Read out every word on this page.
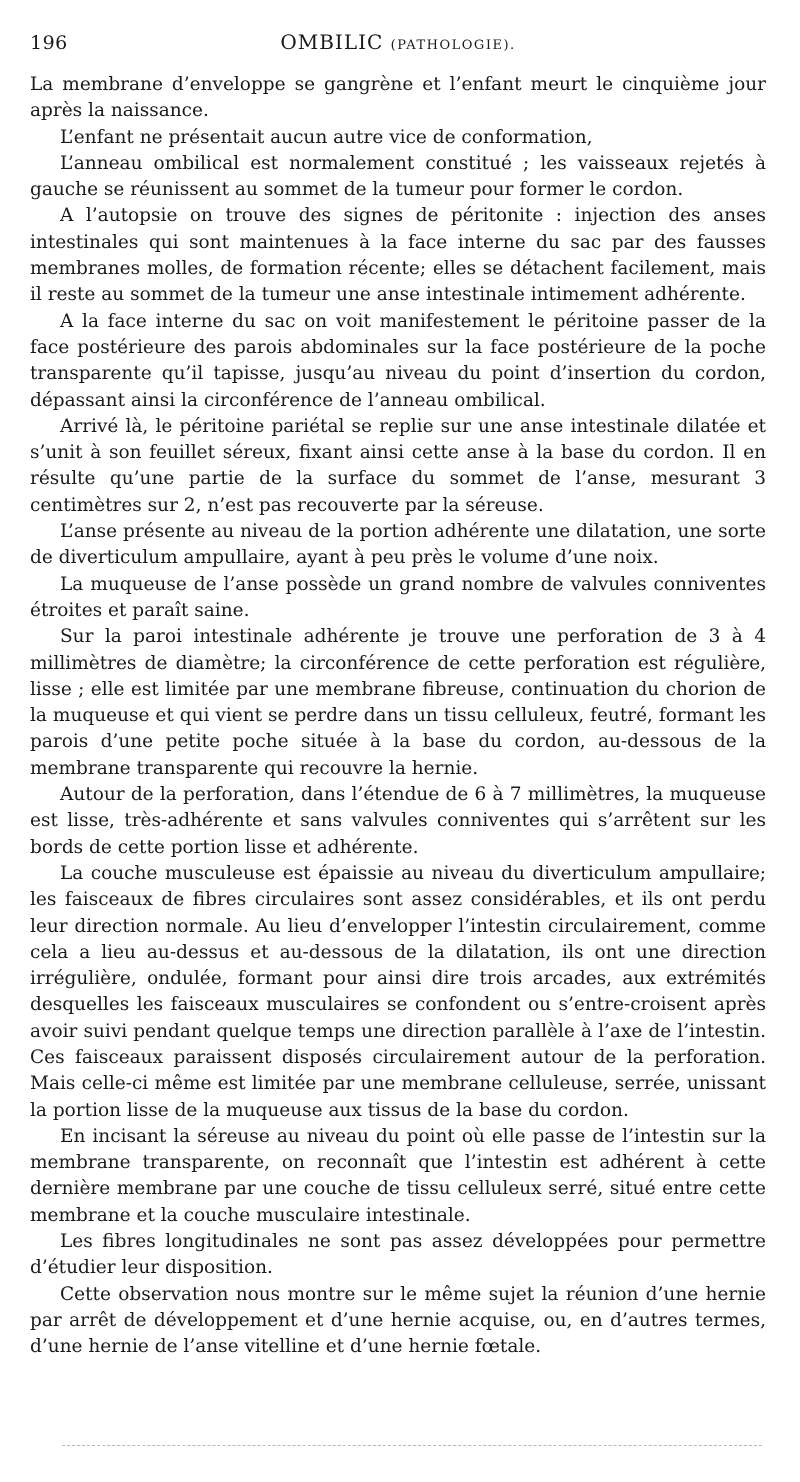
196	OMBILIC (PATHOLOGIE).

La membrane d’enveloppe se gangrène et l’enfant meurt le cinquième jour après la naissance.

L’enfant ne présentait aucun autre vice de conformation,

L’anneau ombilical est normalement constitué ; les vaisseaux rejetés à gauche se réunissent au sommet de la tumeur pour former le cordon.

A l’autopsie on trouve des signes de péritonite : injection des anses intestinales qui sont maintenues à la face interne du sac par des fausses membranes molles, de formation récente; elles se détachent facilement, mais il reste au sommet de la tumeur une anse intestinale intimement adhérente.

A la face interne du sac on voit manifestement le péritoine passer de la face postérieure des parois abdominales sur la face postérieure de la poche transparente qu’il tapisse, jusqu’au niveau du point d’insertion du cordon, dépassant ainsi la circonférence de l’anneau ombilical.

Arrivé là, le péritoine pariétal se replie sur une anse intestinale dilatée et s’unit à son feuillet séreux, fixant ainsi cette anse à la base du cordon. Il en résulte qu’une partie de la surface du sommet de l’anse, mesurant 3 centimètres sur 2, n’est pas recouverte par la séreuse.

L’anse présente au niveau de la portion adhérente une dilatation, une sorte de diverticulum ampullaire, ayant à peu près le volume d’une noix.

La muqueuse de l’anse possède un grand nombre de valvules conniventes étroites et paraît saine.

Sur la paroi intestinale adhérente je trouve une perforation de 3 à 4 millimètres de diamètre; la circonférence de cette perforation est régulière, lisse ; elle est limitée par une membrane fibreuse, continuation du chorion de la muqueuse et qui vient se perdre dans un tissu celluleux, feutré, formant les parois d’une petite poche située à la base du cordon, au-dessous de la membrane transparente qui recouvre la hernie.

Autour de la perforation, dans l’étendue de 6 à 7 millimètres, la muqueuse est lisse, très-adhérente et sans valvules conniventes qui s’arrêtent sur les bords de cette portion lisse et adhérente.

La couche musculeuse est épaissie au niveau du diverticulum ampullaire; les faisceaux de fibres circulaires sont assez considérables, et ils ont perdu leur direction normale. Au lieu d’envelopper l’intestin circulairement, comme cela a lieu au-dessus et au-dessous de la dilatation, ils ont une direction irrégulière, ondulée, formant pour ainsi dire trois arcades, aux extrémités desquelles les faisceaux musculaires se confondent ou s’entre-croisent après avoir suivi pendant quelque temps une direction parallèle à l’axe de l’intestin. Ces faisceaux paraissent disposés circulairement autour de la perforation. Mais celle-ci même est limitée par une membrane celluleuse, serrée, unissant la portion lisse de la muqueuse aux tissus de la base du cordon.

En incisant la séreuse au niveau du point où elle passe de l’intestin sur la membrane transparente, on reconnaît que l’intestin est adhérent à cette dernière membrane par une couche de tissu celluleux serré, situé entre cette membrane et la couche musculaire intestinale.

Les fibres longitudinales ne sont pas assez développées pour permettre d’étudier leur disposition.

Cette observation nous montre sur le même sujet la réunion d’une hernie par arrêt de développement et d’une hernie acquise, ou, en d’autres termes, d’une hernie de l’anse vitelline et d’une hernie fœtale.
